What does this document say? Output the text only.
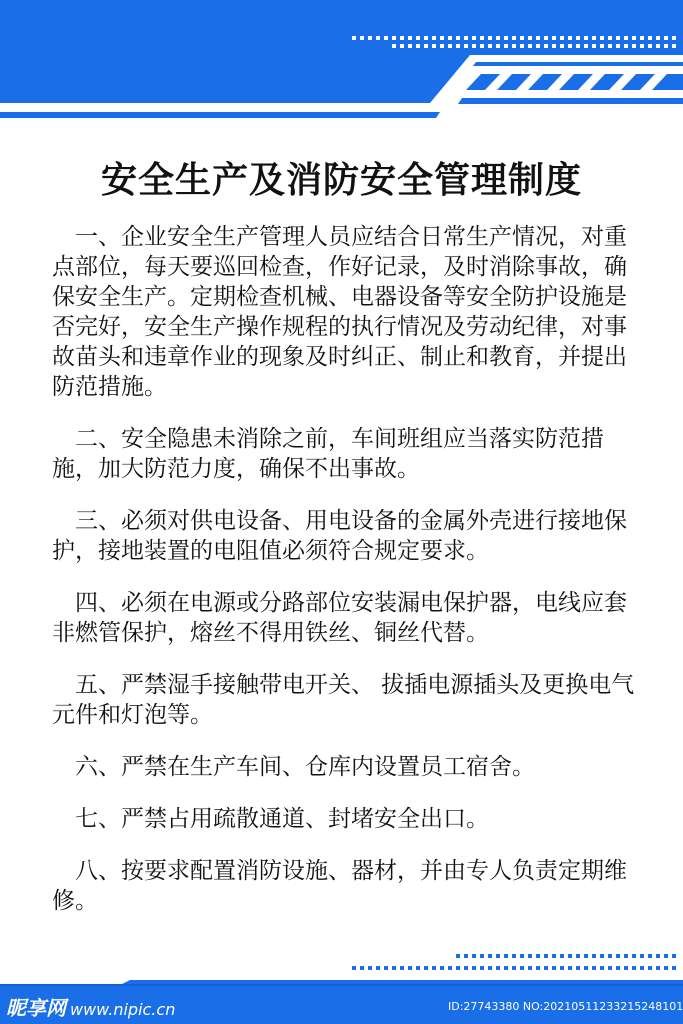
安全生产及消防安全管理制度

一、企业安全生产管理人员应结合日常生产情况，对重点部位，每天要巡回检查，作好记录，及时消除事故，确保安全生产。定期检查机械、电器设备等安全防护设施是否完好，安全生产操作规程的执行情况及劳动纪律，对事故苗头和违章作业的现象及时纠正、制止和教育，并提出防范措施。

二、安全隐患未消除之前，车间班组应当落实防范措施，加大防范力度，确保不出事故。

三、必须对供电设备、用电设备的金属外壳进行接地保护，接地装置的电阻值必须符合规定要求。

四、必须在电源或分路部位安装漏电保护器，电线应套非燃管保护，熔丝不得用铁丝、铜丝代替。

五、严禁湿手接触带电开关、 拔插电源插头及更换电气元件和灯泡等。

六、严禁在生产车间、仓库内设置员工宿舍。

七、严禁占用疏散通道、封堵安全出口。

八、按要求配置消防设施、器材，并由专人负责定期维修。

昵享网 www.nipic.cn	ID:27743380 NO:20210511233215248101
